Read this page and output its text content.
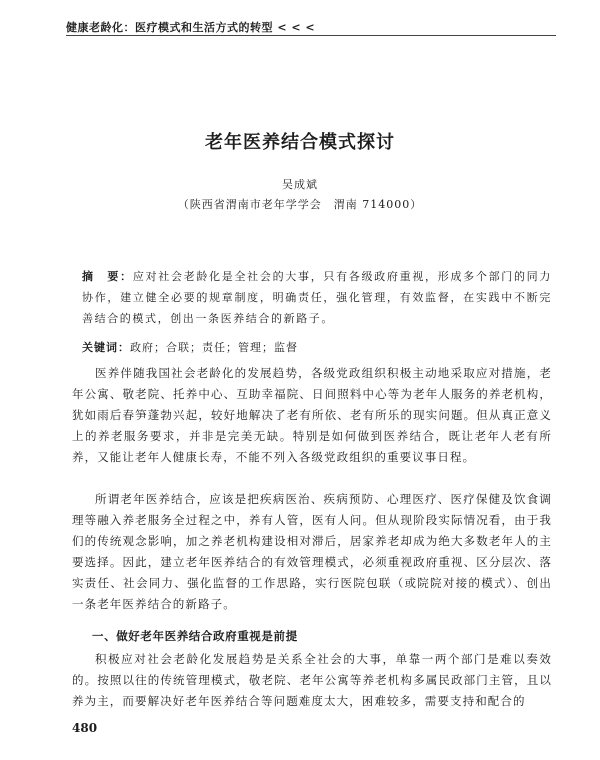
健康老龄化：医疗模式和生活方式的转型 < < <
老年医养结合模式探讨
吴成斌
（陕西省渭南市老年学学会　渭南 714000）
摘　要：应对社会老龄化是全社会的大事，只有各级政府重视，形成多个部门的同力协作，建立健全必要的规章制度，明确责任，强化管理，有效监督，在实践中不断完善结合的模式，创出一条医养结合的新路子。
关键词：政府；合联；责任；管理；监督
医养伴随我国社会老龄化的发展趋势，各级党政组织积极主动地采取应对措施，老年公寓、敬老院、托养中心、互助幸福院、日间照料中心等为老年人服务的养老机构，犹如雨后春笋蓬勃兴起，较好地解决了老有所依、老有所乐的现实问题。但从真正意义上的养老服务要求，并非是完美无缺。特别是如何做到医养结合，既让老年人老有所养，又能让老年人健康长寿，不能不列入各级党政组织的重要议事日程。
所谓老年医养结合，应该是把疾病医治、疾病预防、心理医疗、医疗保健及饮食调理等融入养老服务全过程之中，养有人管，医有人问。但从现阶段实际情况看，由于我们的传统观念影响，加之养老机构建设相对滞后，居家养老却成为绝大多数老年人的主要选择。因此，建立老年医养结合的有效管理模式，必须重视政府重视、区分层次、落实责任、社会同力、强化监督的工作思路，实行医院包联（或院院对接的模式）、创出一条老年医养结合的新路子。
一、做好老年医养结合政府重视是前提
积极应对社会老龄化发展趋势是关系全社会的大事，单靠一两个部门是难以奏效的。按照以往的传统管理模式，敬老院、老年公寓等养老机构多属民政部门主管，且以养为主，而要解决好老年医养结合等问题难度太大，困难较多，需要支持和配合的
480
